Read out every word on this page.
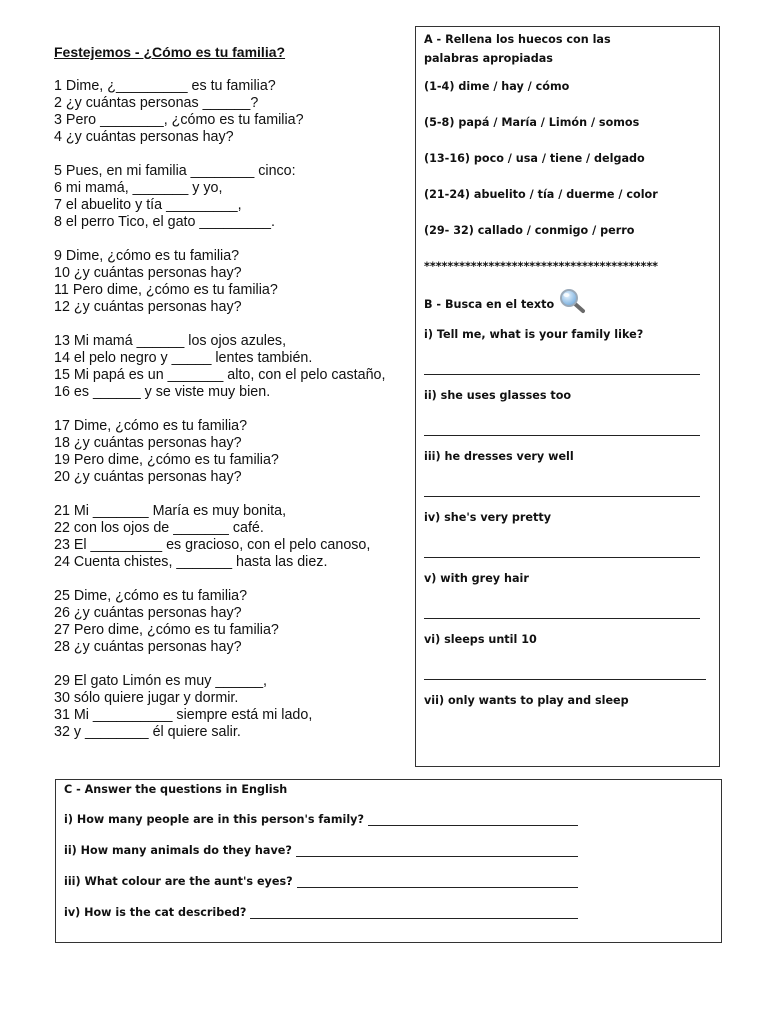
Festejemos - ¿Cómo es tu familia?
1 Dime, ¿_________ es tu familia?
2 ¿y cuántas personas ______?
3 Pero ________, ¿cómo es tu familia?
4 ¿y cuántas personas hay?
5 Pues, en mi familia ________ cinco:
6 mi mamá, _______ y yo,
7 el abuelito y tía _________,
8 el perro Tico, el gato _________.
9 Dime, ¿cómo es tu familia?
10 ¿y cuántas personas hay?
11 Pero dime, ¿cómo es tu familia?
12 ¿y cuántas personas hay?
13 Mi mamá ______ los ojos azules,
14 el pelo negro y _____ lentes también.
15 Mi papá es un _______ alto, con el pelo castaño,
16 es ______ y se viste muy bien.
17 Dime, ¿cómo es tu familia?
18 ¿y cuántas personas hay?
19 Pero dime, ¿cómo es tu familia?
20 ¿y cuántas personas hay?
21 Mi _______ María es muy bonita,
22 con los ojos de _______ café.
23 El _________ es gracioso, con el pelo canoso,
24 Cuenta chistes, _______ hasta las diez.
25 Dime, ¿cómo es tu familia?
26 ¿y cuántas personas hay?
27 Pero dime, ¿cómo es tu familia?
28 ¿y cuántas personas hay?
29 El gato Limón es muy ______,
30 sólo quiere jugar y dormir.
31 Mi __________ siempre está mi lado,
32 y ________ él quiere salir.
A - Rellena los huecos con las palabras apropiadas
(1-4) dime / hay / cómo
(5-8) papá / María / Limón / somos
(13-16) poco / usa / tiene / delgado
(21-24) abuelito / tía / duerme / color
(29- 32) callado / conmigo / perro
****************************************
B - Busca en el texto
i) Tell me, what is your family like?
ii) she uses glasses too
iii) he dresses very well
iv) she's very pretty
v) with grey hair
vi) sleeps until 10
vii) only wants to play and sleep
C - Answer the questions in English
i) How many people are in this person's family?
ii) How many animals do they have?
iii) What colour are the aunt's eyes?
iv) How is the cat described?
